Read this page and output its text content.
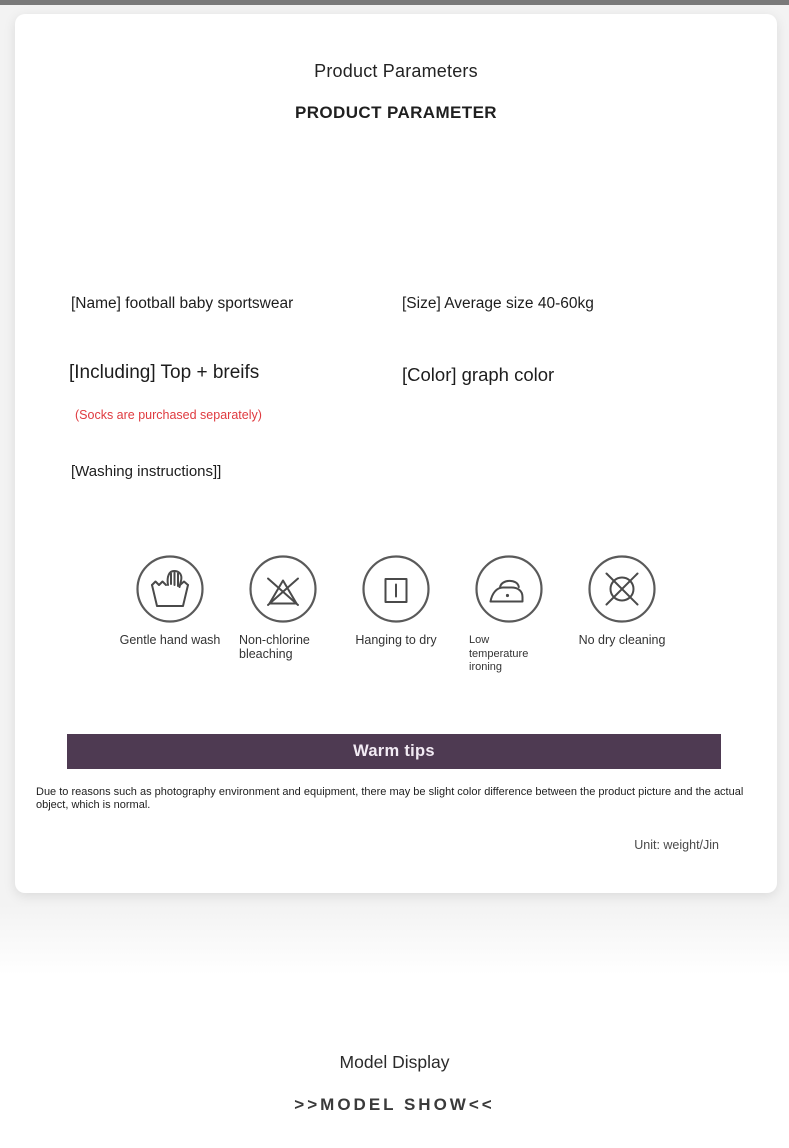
Product Parameters
PRODUCT PARAMETER
[Name] football baby sportswear	[Size] Average size 40-60kg
[Including] Top + breifs	[Color] graph color
(Socks are purchased separately)
[Washing instructions]]
Gentle hand wash	Non-chlorine bleaching
Hanging to dry	Low temperature ironing
No dry cleaning
Warm tips
Due to reasons such as photography environment and equipment, there may be slight color difference between the product picture and the actual object, which is normal.
Unit: weight/Jin
Model Display
>>MODEL SHOW<<
